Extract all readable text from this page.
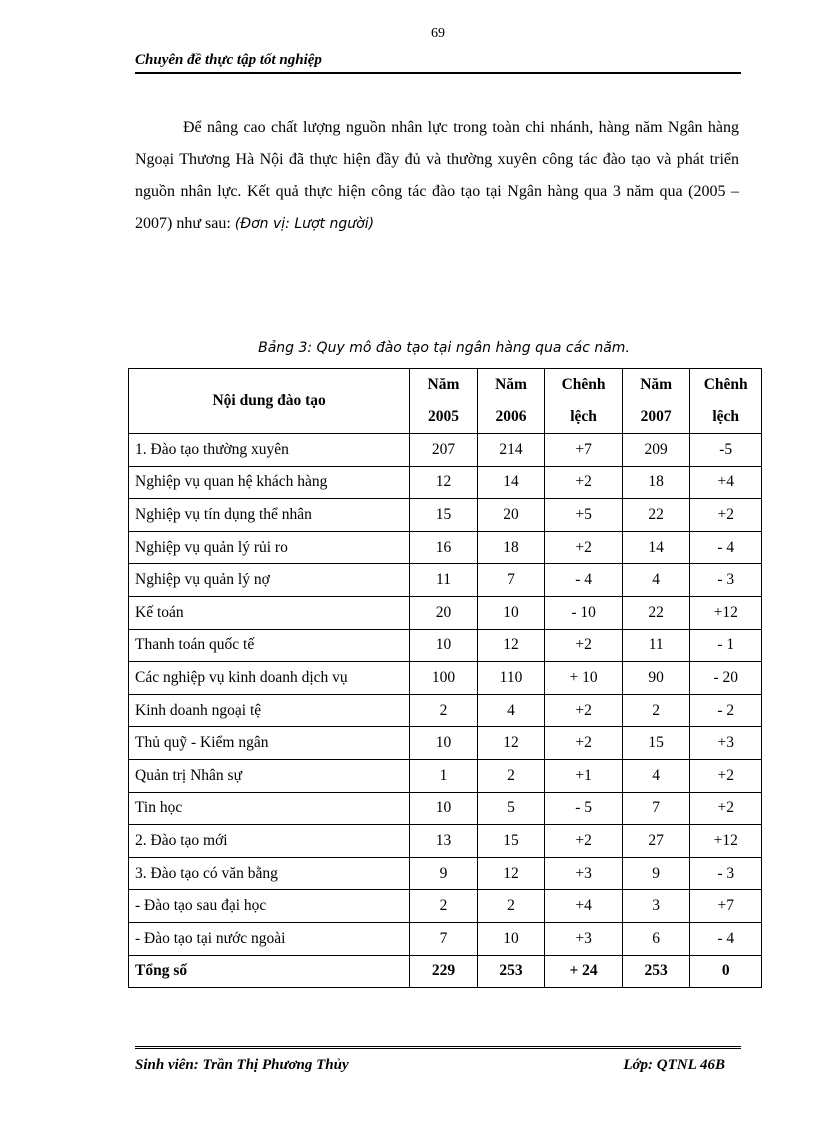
69
Chuyên đề thực tập tốt nghiệp
Để nâng cao chất lượng nguồn nhân lực trong toàn chi nhánh, hàng năm Ngân hàng Ngoại Thương Hà Nội đã thực hiện đầy đủ và thường xuyên công tác đào tạo và phát triển nguồn nhân lực. Kết quả thực hiện công tác đào tạo tại Ngân hàng qua 3 năm qua (2005 – 2007) như sau: (Đơn vị: Lượt người)
Bảng 3: Quy mô đào tạo tại ngân hàng qua các năm.
Nội dung đào tạo	Năm 2005	Năm 2006	Chênh lệch	Năm 2007	Chênh lệch
1. Đào tạo thường xuyên	207	214	+7	209	-5
Nghiệp vụ quan hệ khách hàng	12	14	+2	18	+4
Nghiệp vụ tín dụng thể nhân	15	20	+5	22	+2
Nghiệp vụ quản lý rủi ro	16	18	+2	14	- 4
Nghiệp vụ quản lý nợ	11	7	- 4	4	- 3
Kế toán	20	10	- 10	22	+12
Thanh toán quốc tế	10	12	+2	11	- 1
Các nghiệp vụ kinh doanh dịch vụ	100	110	+ 10	90	- 20
Kinh doanh ngoại tệ	2	4	+2	2	- 2
Thủ quỹ - Kiểm ngân	10	12	+2	15	+3
Quản trị Nhân sự	1	2	+1	4	+2
Tin học	10	5	- 5	7	+2
2. Đào tạo mới	13	15	+2	27	+12
3. Đào tạo có văn bằng	9	12	+3	9	- 3
- Đào tạo sau đại học	2	2	+4	3	+7
- Đào tạo tại nước ngoài	7	10	+3	6	- 4
Tổng số	229	253	+ 24	253	0
Sinh viên: Trần Thị Phương Thủy	Lớp: QTNL 46B
